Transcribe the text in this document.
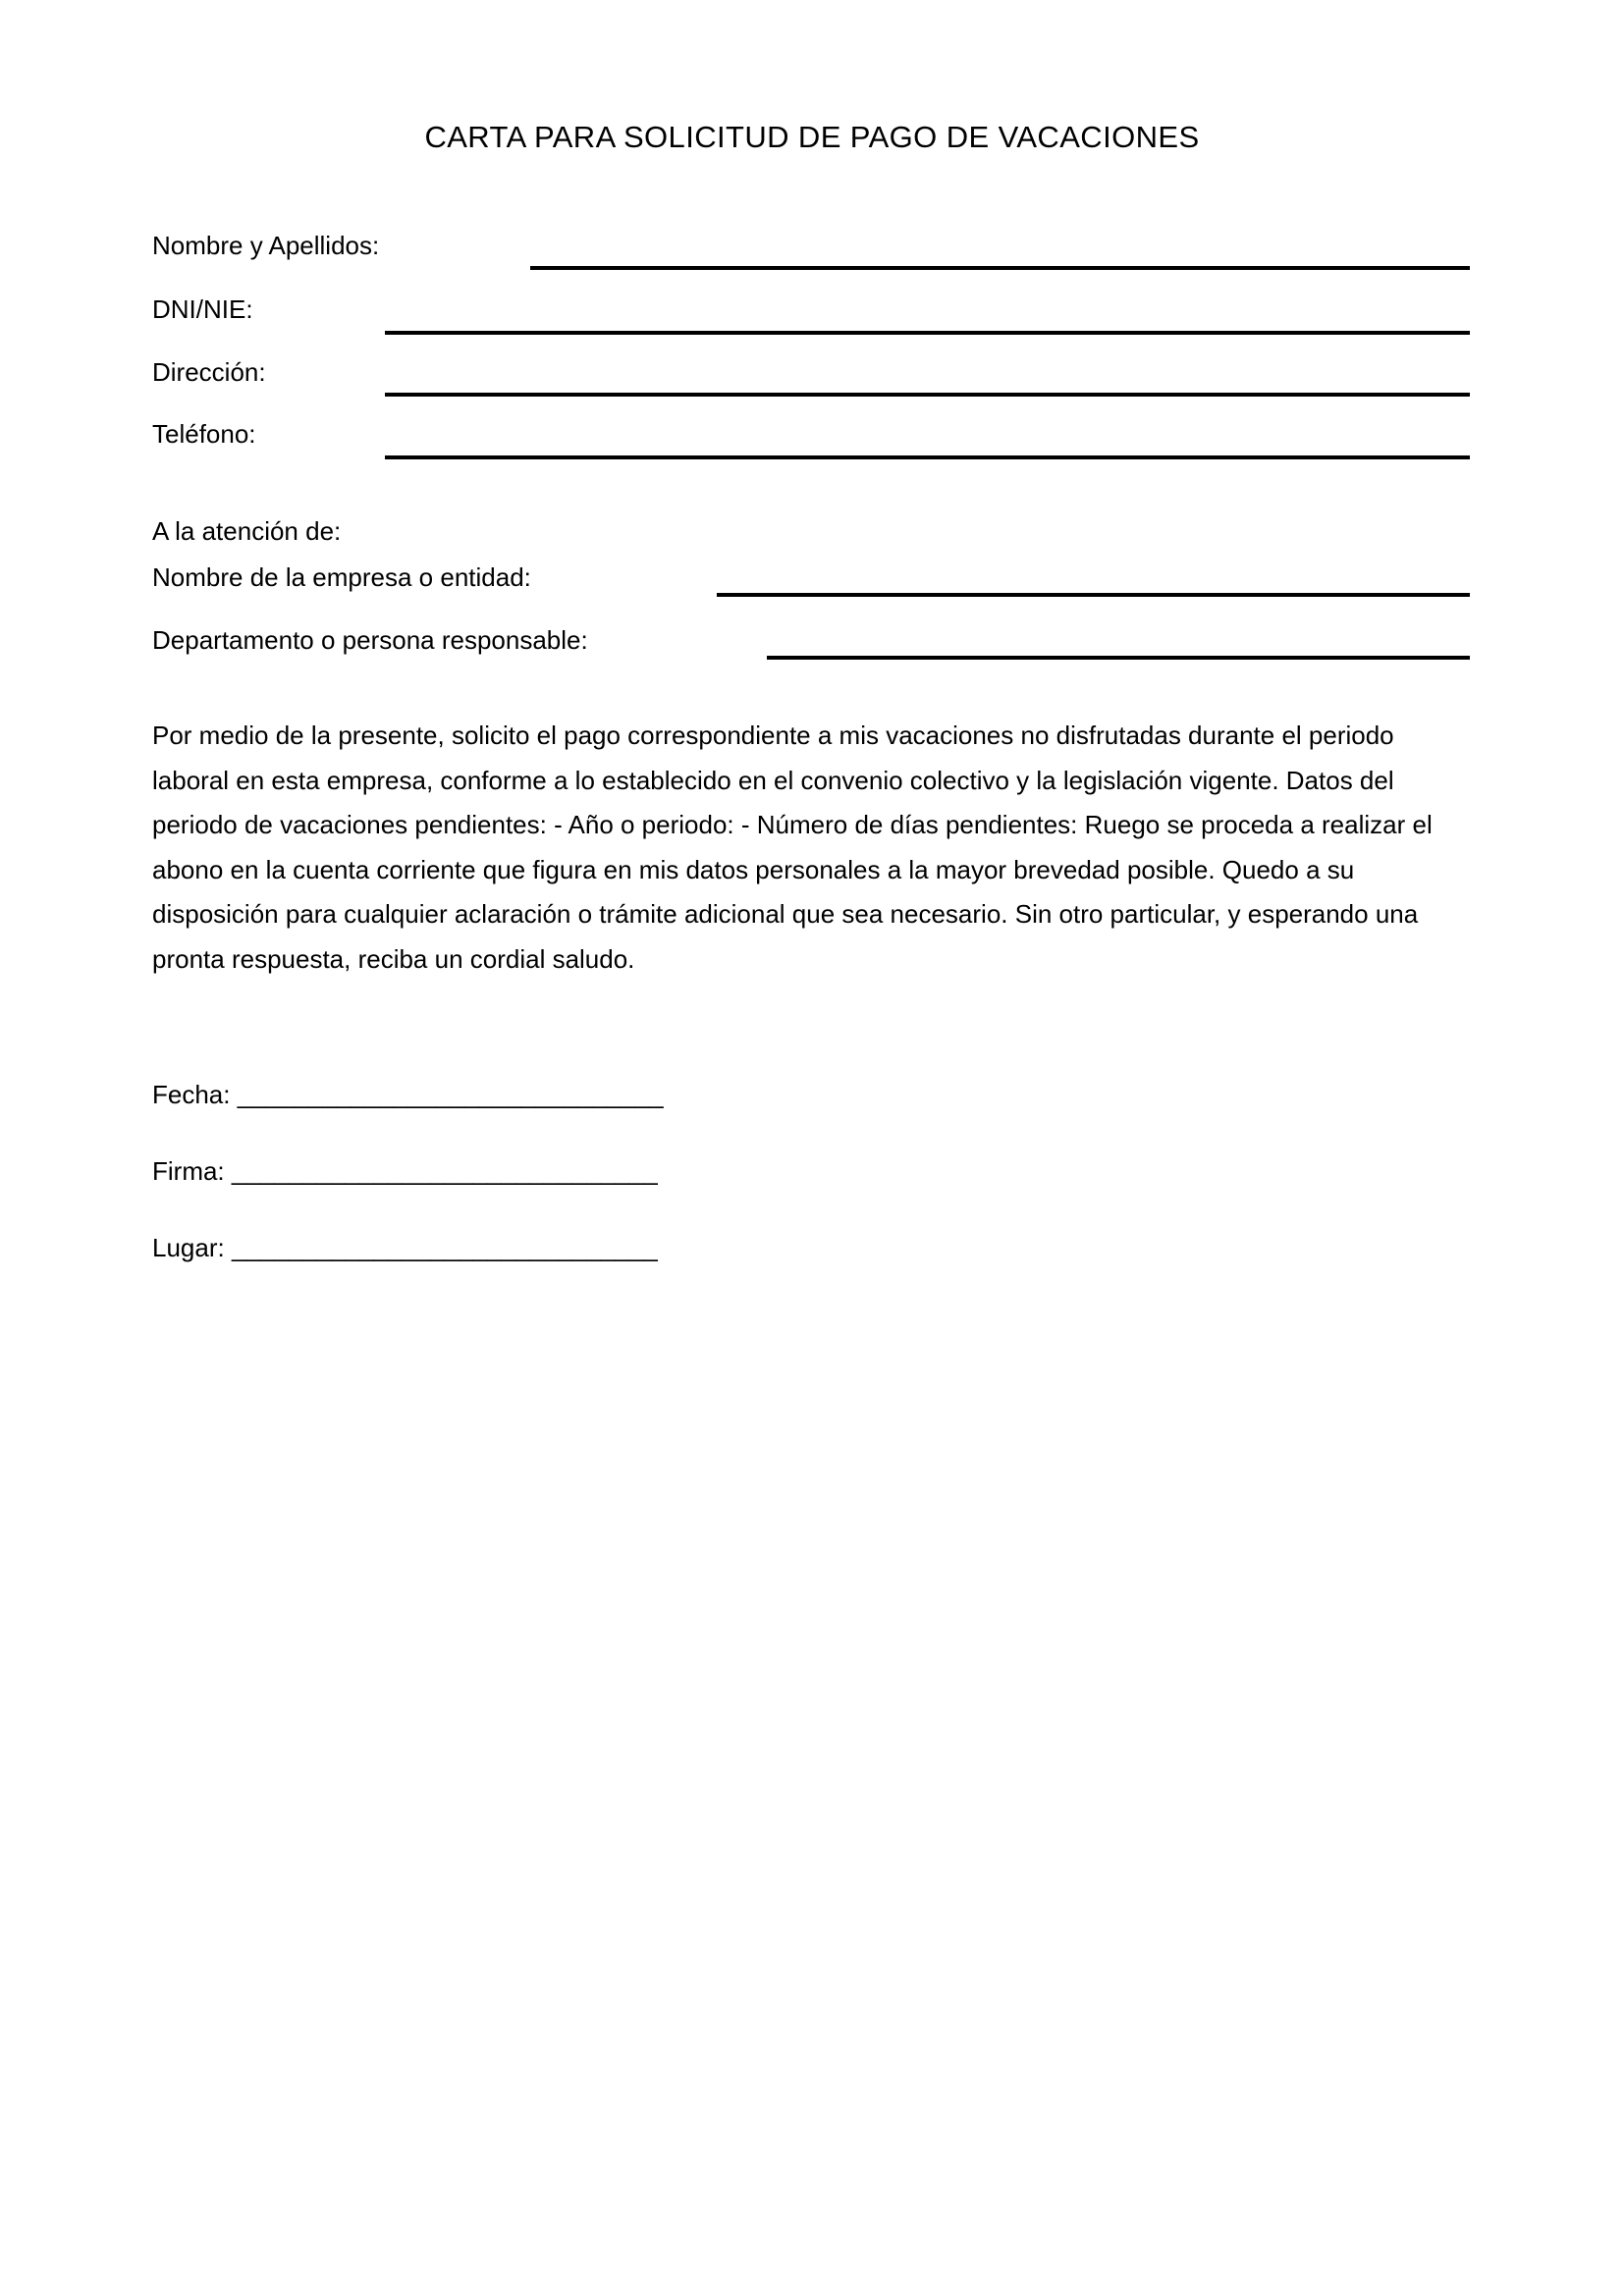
CARTA PARA SOLICITUD DE PAGO DE VACACIONES
Nombre y Apellidos:
DNI/NIE:
Dirección:
Teléfono:
A la atención de:
Nombre de la empresa o entidad:
Departamento o persona responsable:
Por medio de la presente, solicito el pago correspondiente a mis vacaciones no disfrutadas durante el periodo laboral en esta empresa, conforme a lo establecido en el convenio colectivo y la legislación vigente. Datos del periodo de vacaciones pendientes: - Año o periodo: - Número de días pendientes: Ruego se proceda a realizar el abono en la cuenta corriente que figura en mis datos personales a la mayor brevedad posible. Quedo a su disposición para cualquier aclaración o trámite adicional que sea necesario. Sin otro particular, y esperando una pronta respuesta, reciba un cordial saludo.
Fecha: ______________________________
Firma: ______________________________
Lugar: ______________________________
